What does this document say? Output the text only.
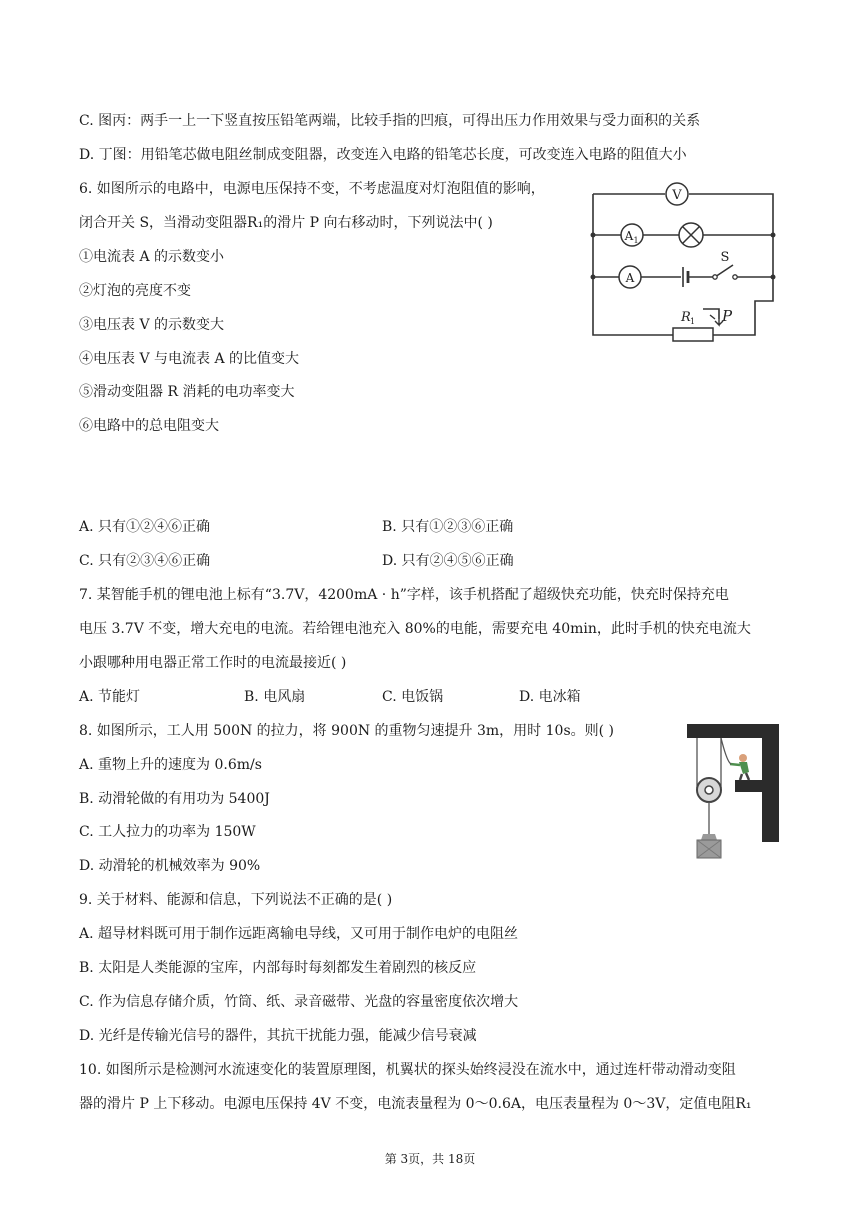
C. 图丙：两手一上一下竖直按压铅笔两端，比较手指的凹痕，可得出压力作用效果与受力面积的关系
D. 丁图：用铅笔芯做电阻丝制成变阻器，改变连入电路的铅笔芯长度，可改变连入电路的阻值大小
6. 如图所示的电路中，电源电压保持不变，不考虑温度对灯泡阻值的影响，
闭合开关 S，当滑动变阻器R₁的滑片 P 向右移动时，下列说法中( )
①电流表 A 的示数变小
②灯泡的亮度不变
③电压表 V 的示数变大
④电压表 V 与电流表 A 的比值变大
⑤滑动变阻器 R 消耗的电功率变大
⑥电路中的总电阻变大
V
A 1
A
S
R 1 P
A. 只有①②④⑥正确	B. 只有①②③⑥正确
C. 只有②③④⑥正确	D. 只有②④⑤⑥正确
7. 某智能手机的锂电池上标有“3.7V，4200mA · h”字样，该手机搭配了超级快充功能，快充时保持充电
电压 3.7V 不变，增大充电的电流。若给锂电池充入 80%的电能，需要充电 40min，此时手机的快充电流大
小跟哪种用电器正常工作时的电流最接近( )
A. 节能灯	B. 电风扇	C. 电饭锅	D. 电冰箱
8. 如图所示，工人用 500N 的拉力，将 900N 的重物匀速提升 3m，用时 10s。则( )
A. 重物上升的速度为 0.6m/s
B. 动滑轮做的有用功为 5400J
C. 工人拉力的功率为 150W
D. 动滑轮的机械效率为 90%
9. 关于材料、能源和信息，下列说法不正确的是( )
A. 超导材料既可用于制作远距离输电导线，又可用于制作电炉的电阻丝
B. 太阳是人类能源的宝库，内部每时每刻都发生着剧烈的核反应
C. 作为信息存储介质，竹筒、纸、录音磁带、光盘的容量密度依次增大
D. 光纤是传输光信号的器件，其抗干扰能力强，能减少信号衰减
10. 如图所示是检测河水流速变化的装置原理图，机翼状的探头始终浸没在流水中，通过连杆带动滑动变阻
器的滑片 P 上下移动。电源电压保持 4V 不变，电流表量程为 0～0.6A，电压表量程为 0～3V，定值电阻R₁
第 3页，共 18页
